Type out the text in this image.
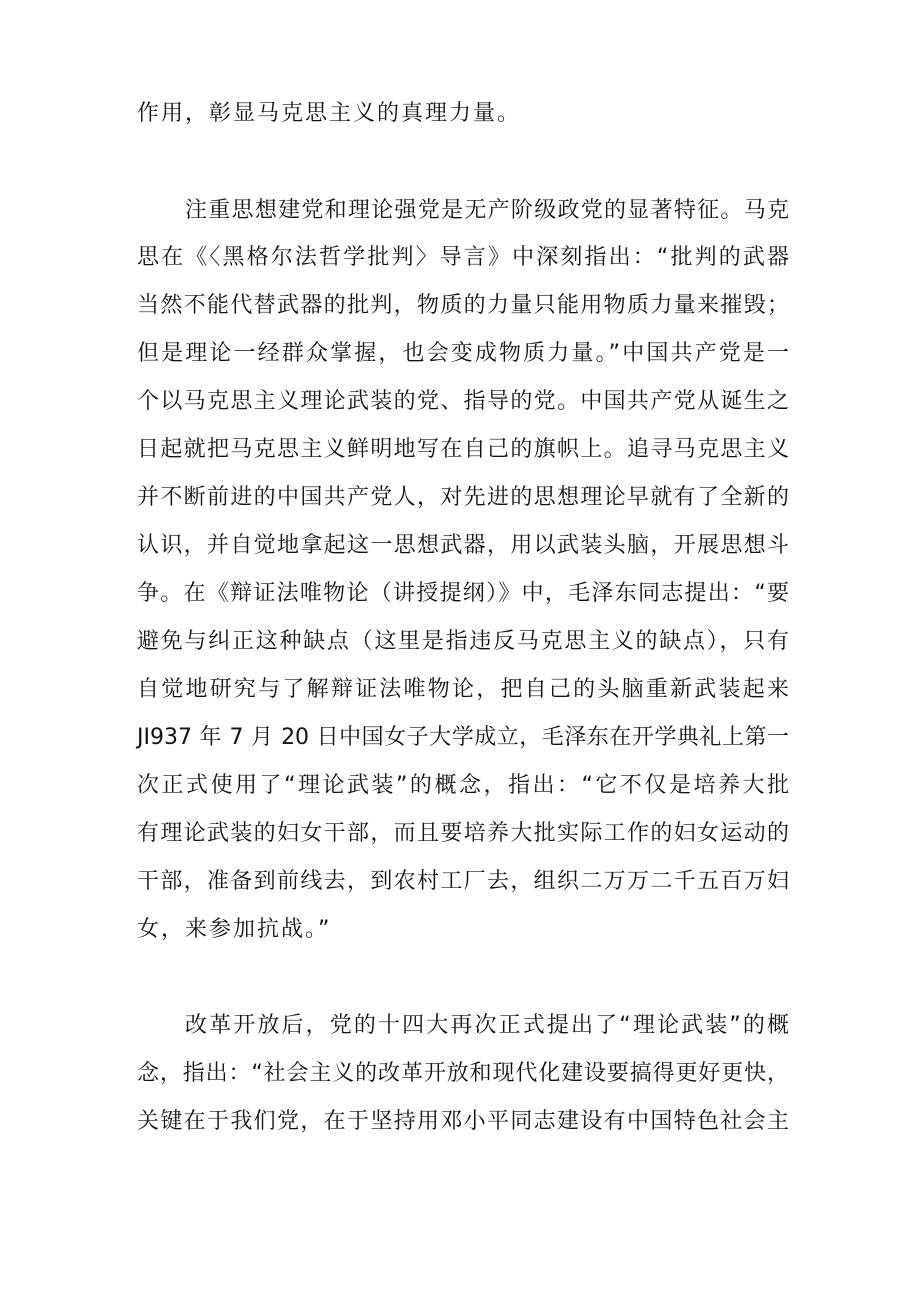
作用，彰显马克思主义的真理力量。
注重思想建党和理论强党是无产阶级政党的显著特征。马克
思在《〈黑格尔法哲学批判〉导言》中深刻指出：“批判的武器
当然不能代替武器的批判，物质的力量只能用物质力量来摧毁；
但是理论一经群众掌握，也会变成物质力量。”中国共产党是一
个以马克思主义理论武装的党、指导的党。中国共产党从诞生之
日起就把马克思主义鲜明地写在自己的旗帜上。追寻马克思主义
并不断前进的中国共产党人，对先进的思想理论早就有了全新的
认识，并自觉地拿起这一思想武器，用以武装头脑，开展思想斗
争。在《辩证法唯物论（讲授提纲）》中，毛泽东同志提出：“要
避免与纠正这种缺点（这里是指违反马克思主义的缺点），只有
自觉地研究与了解辩证法唯物论，把自己的头脑重新武装起来
JI937 年 7 月 20 日中国女子大学成立，毛泽东在开学典礼上第一
次正式使用了“理论武装”的概念，指出：“它不仅是培养大批
有理论武装的妇女干部，而且要培养大批实际工作的妇女运动的
干部，准备到前线去，到农村工厂去，组织二万万二千五百万妇
女，来参加抗战。”
改革开放后，党的十四大再次正式提出了“理论武装”的概
念，指出：“社会主义的改革开放和现代化建设要搞得更好更快，
关键在于我们党，在于坚持用邓小平同志建设有中国特色社会主
